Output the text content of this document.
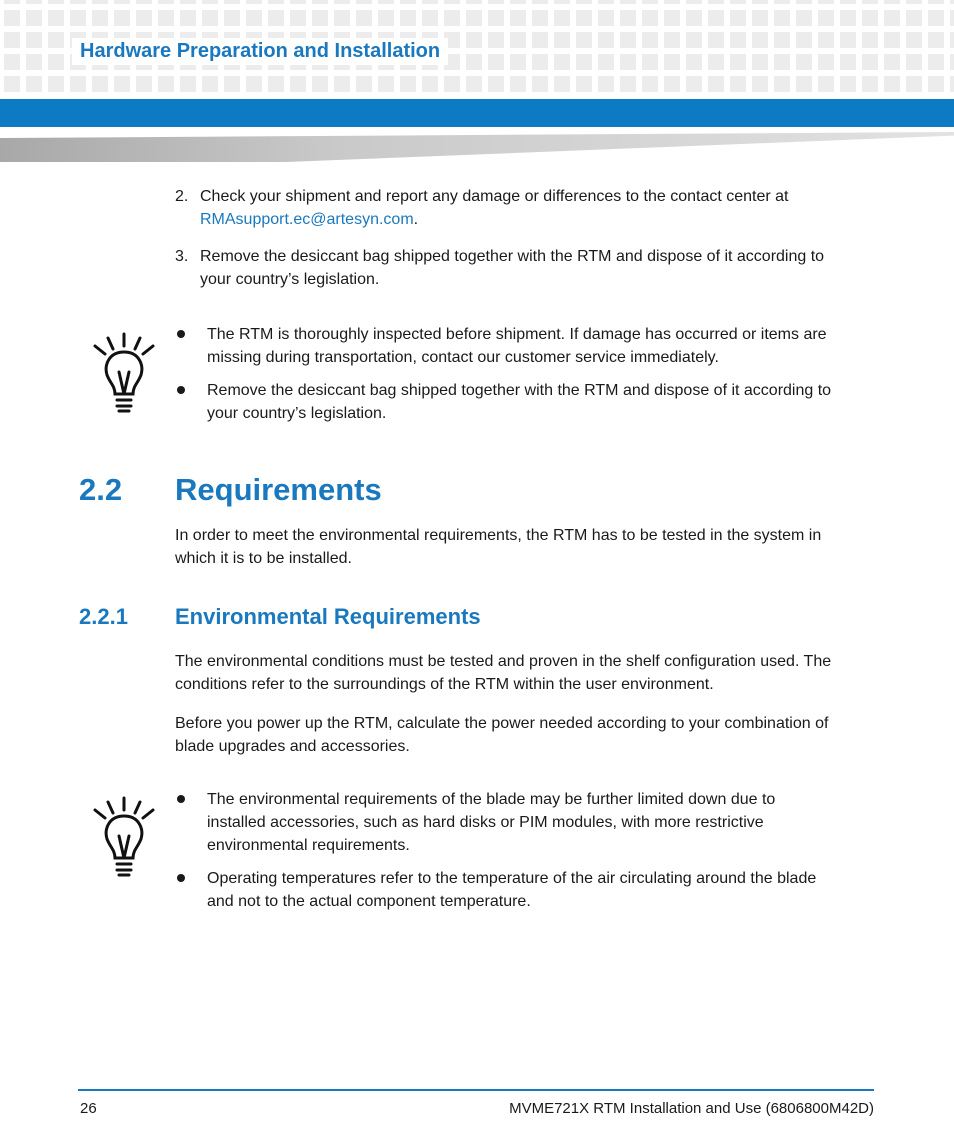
Hardware Preparation and Installation
2. Check your shipment and report any damage or differences to the contact center at
RMAsupport.ec@artesyn.com.
3. Remove the desiccant bag shipped together with the RTM and dispose of it according to
your country’s legislation.
The RTM is thoroughly inspected before shipment. If damage has occurred or items are
missing during transportation, contact our customer service immediately.
Remove the desiccant bag shipped together with the RTM and dispose of it according to
your country’s legislation.
2.2 Requirements
In order to meet the environmental requirements, the RTM has to be tested in the system in
which it is to be installed.
2.2.1 Environmental Requirements
The environmental conditions must be tested and proven in the shelf configuration used. The
conditions refer to the surroundings of the RTM within the user environment.
Before you power up the RTM, calculate the power needed according to your combination of
blade upgrades and accessories.
The environmental requirements of the blade may be further limited down due to
installed accessories, such as hard disks or PIM modules, with more restrictive
environmental requirements.
Operating temperatures refer to the temperature of the air circulating around the blade
and not to the actual component temperature.
26	MVME721X RTM Installation and Use (6806800M42D)
